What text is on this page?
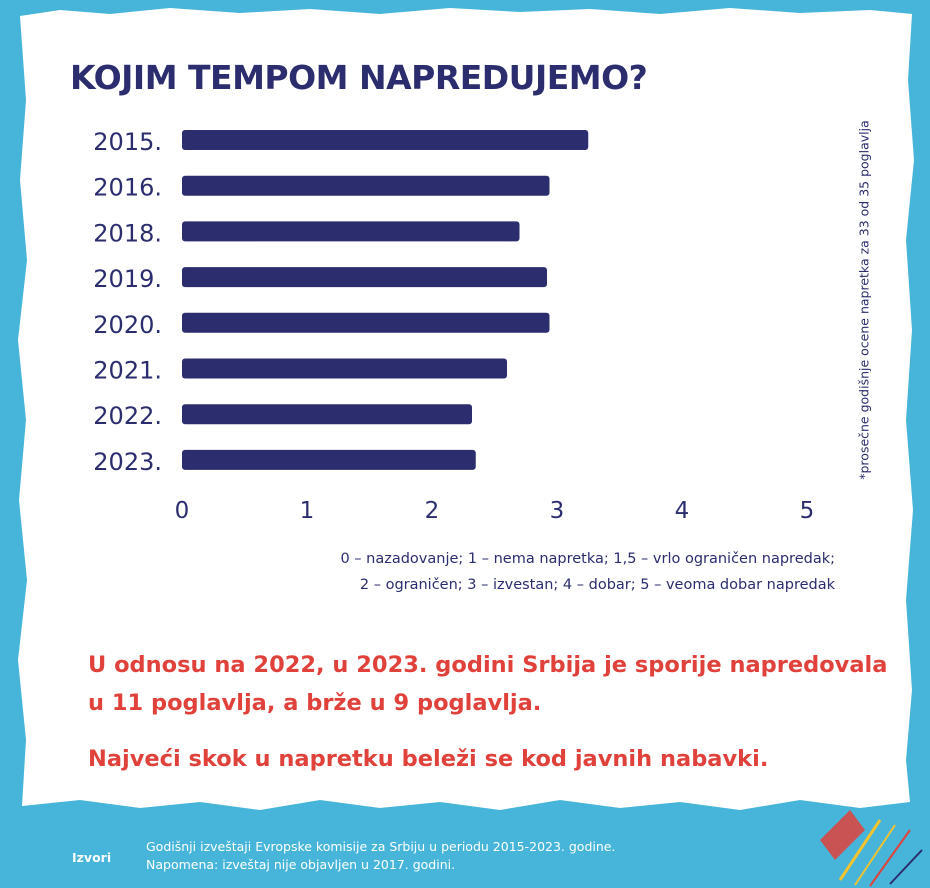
KOJIM TEMPOM NAPREDUJEMO?
2015.
2016.
2018.
2019.
2020.
2021.
2022.
2023.
0	1	2	3	4	5
*prosečne godišnje ocene napretka za 33 od 35 poglavlja
0 – nazadovanje; 1 – nema napretka; 1,5 – vrlo ograničen napredak;
2 – ograničen; 3 – izvestan; 4 – dobar; 5 – veoma dobar napredak
U odnosu na 2022, u 2023. godini Srbija je sporije napredovala u 11 poglavlja, a brže u 9 poglavlja.
Najveći skok u napretku beleži se kod javnih nabavki.
Izvori
Godišnji izveštaji Evropske komisije za Srbiju u periodu 2015-2023. godine.
Napomena: izveštaj nije objavljen u 2017. godini.
